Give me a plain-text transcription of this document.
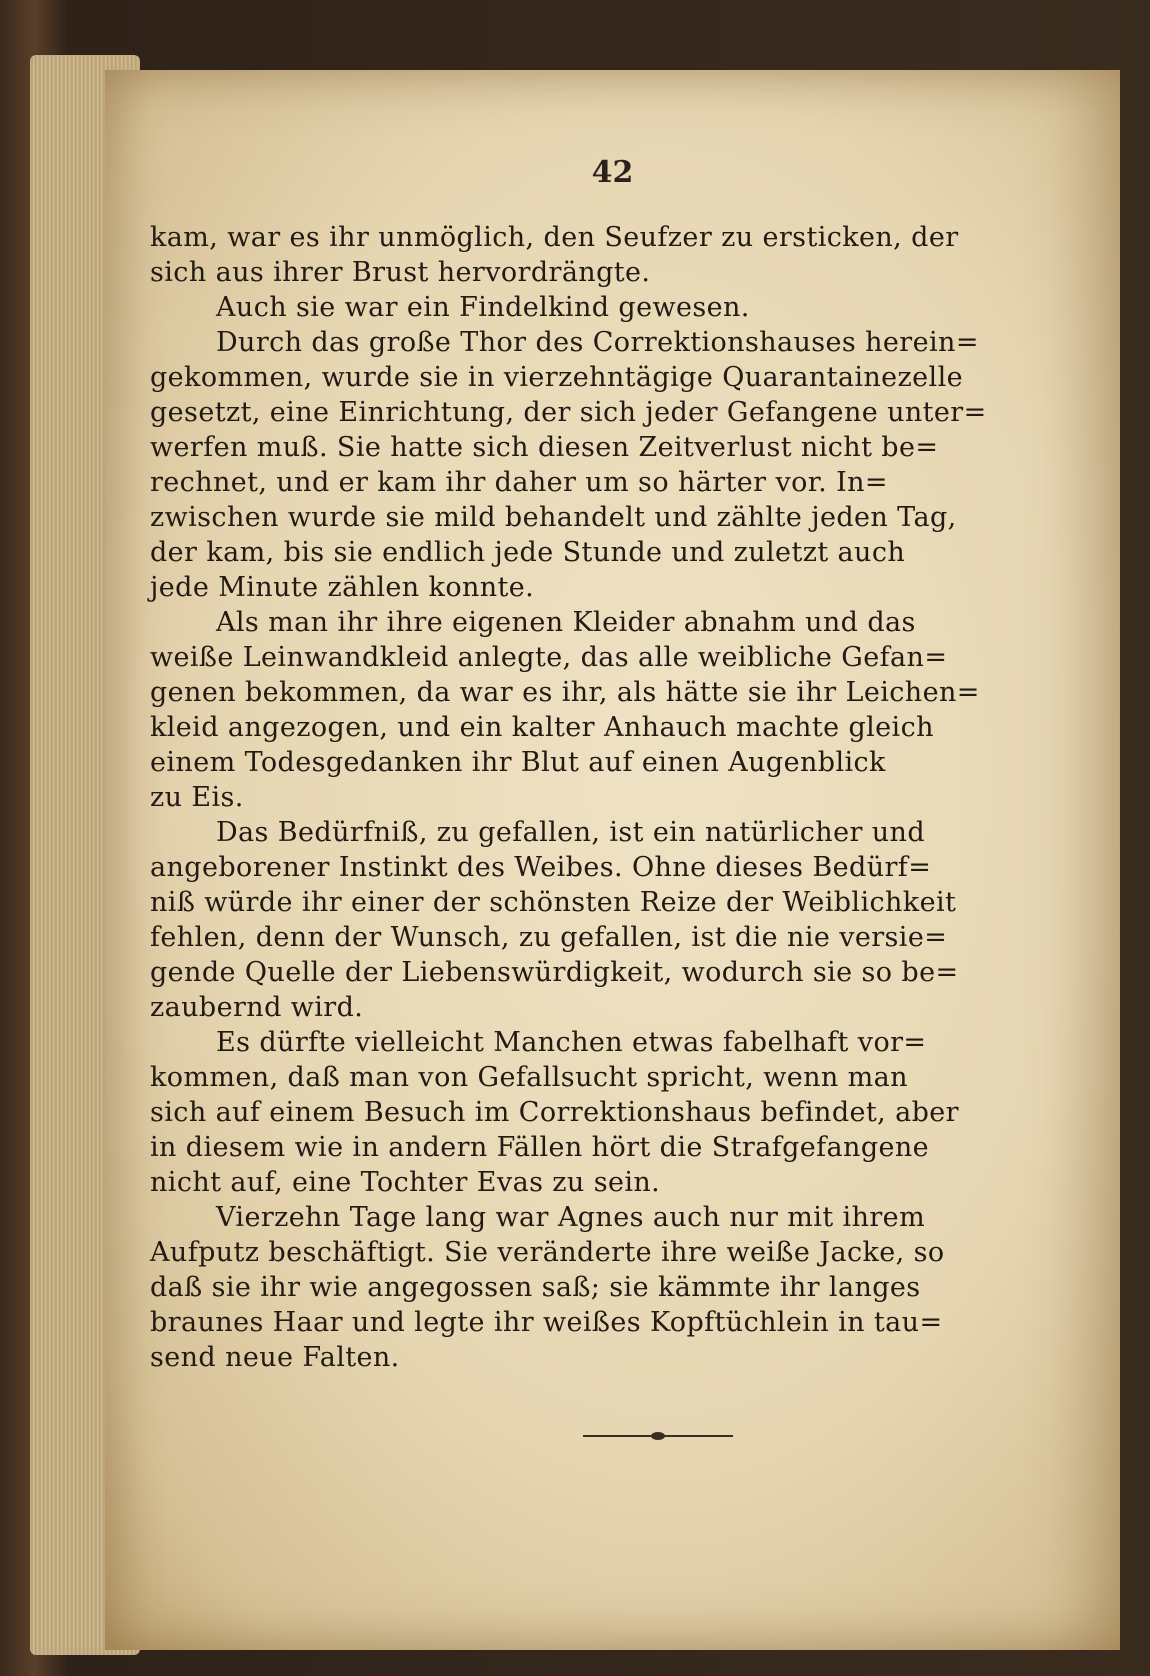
42
kam, war es ihr unmöglich, den Seufzer zu ersticken, der
sich aus ihrer Brust hervordrängte.
Auch sie war ein Findelkind gewesen.
Durch das große Thor des Correktionshauses herein=
gekommen, wurde sie in vierzehntägige Quarantainezelle
gesetzt, eine Einrichtung, der sich jeder Gefangene unter=
werfen muß. Sie hatte sich diesen Zeitverlust nicht be=
rechnet, und er kam ihr daher um so härter vor. In=
zwischen wurde sie mild behandelt und zählte jeden Tag,
der kam, bis sie endlich jede Stunde und zuletzt auch
jede Minute zählen konnte.
Als man ihr ihre eigenen Kleider abnahm und das
weiße Leinwandkleid anlegte, das alle weibliche Gefan=
genen bekommen, da war es ihr, als hätte sie ihr Leichen=
kleid angezogen, und ein kalter Anhauch machte gleich
einem Todesgedanken ihr Blut auf einen Augenblick
zu Eis.
Das Bedürfniß, zu gefallen, ist ein natürlicher und
angeborener Instinkt des Weibes. Ohne dieses Bedürf=
niß würde ihr einer der schönsten Reize der Weiblichkeit
fehlen, denn der Wunsch, zu gefallen, ist die nie versie=
gende Quelle der Liebenswürdigkeit, wodurch sie so be=
zaubernd wird.
Es dürfte vielleicht Manchen etwas fabelhaft vor=
kommen, daß man von Gefallsucht spricht, wenn man
sich auf einem Besuch im Correktionshaus befindet, aber
in diesem wie in andern Fällen hört die Strafgefangene
nicht auf, eine Tochter Evas zu sein.
Vierzehn Tage lang war Agnes auch nur mit ihrem
Aufputz beschäftigt. Sie veränderte ihre weiße Jacke, so
daß sie ihr wie angegossen saß; sie kämmte ihr langes
braunes Haar und legte ihr weißes Kopftüchlein in tau=
send neue Falten.
